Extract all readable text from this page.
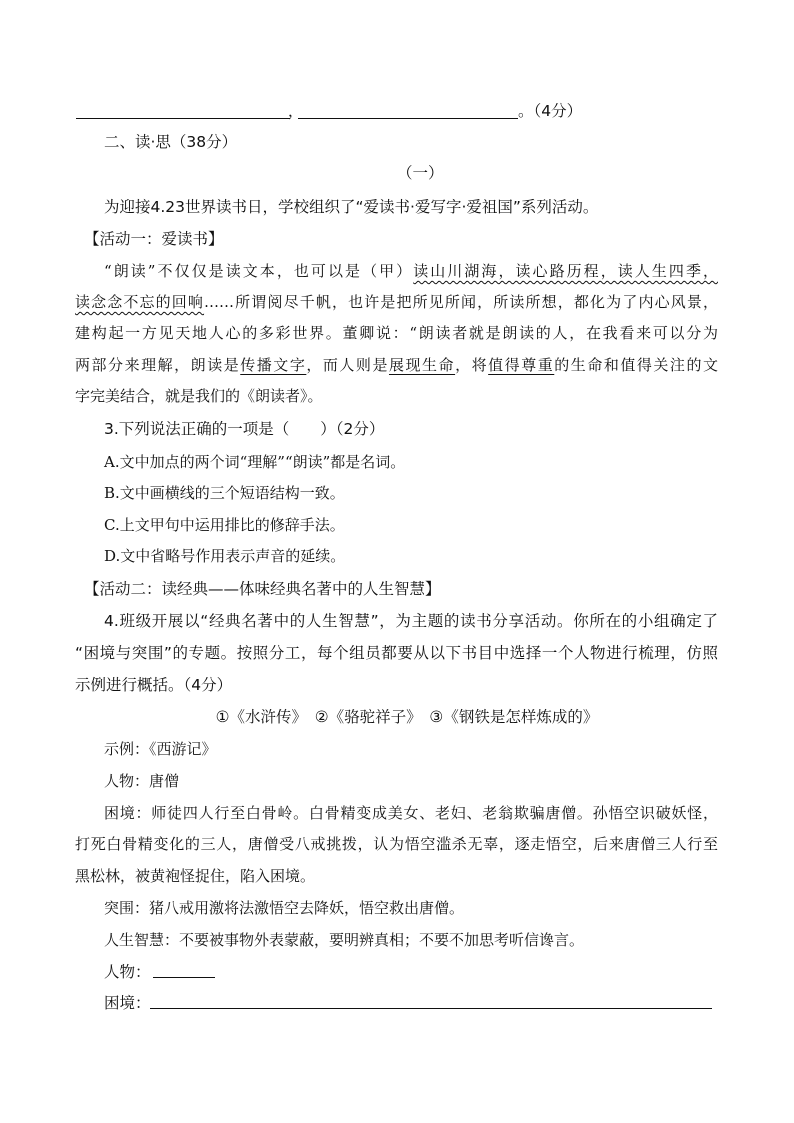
，	。（4分）
二、读·思（38分）
（一）
为迎接4.23世界读书日，学校组织了“爱读书·爱写字·爱祖国”系列活动。
【活动一：爱读书】
“朗读”不仅仅是读文本，也可以是（甲）读山川湖海，读心路历程，读人生四季，
读念念不忘的回响……所谓阅尽千帆，也许是把所见所闻，所读所想，都化为了内心风景，
建构起一方见天地人心的多彩世界。董卿说：“朗读者就是朗读的人，在我看来可以分为
两部分来理解，朗读是传播文字，而人则是展现生命，将值得尊重的生命和值得关注的文
字完美结合，就是我们的《朗读者》。
3.下列说法正确的一项是（　　）（2分）
A.文中加点的两个词“理解”“朗读”都是名词。
B.文中画横线的三个短语结构一致。
C.上文甲句中运用排比的修辞手法。
D.文中省略号作用表示声音的延续。
【活动二：读经典——体味经典名著中的人生智慧】
4.班级开展以“经典名著中的人生智慧”，为主题的读书分享活动。你所在的小组确定了
“困境与突围”的专题。按照分工，每个组员都要从以下书目中选择一个人物进行梳理，仿照
示例进行概括。（4分）
①《水浒传》　②《骆驼祥子》　③《钢铁是怎样炼成的》
示例：《西游记》
人物：唐僧
困境：师徒四人行至白骨岭。白骨精变成美女、老妇、老翁欺骗唐僧。孙悟空识破妖怪，
打死白骨精变化的三人，唐僧受八戒挑拨，认为悟空滥杀无辜，逐走悟空，后来唐僧三人行至
黑松林，被黄袍怪捉住，陷入困境。
突围：猪八戒用激将法激悟空去降妖，悟空救出唐僧。
人生智慧：不要被事物外表蒙蔽，要明辨真相；不要不加思考听信谗言。
人物：
困境：
